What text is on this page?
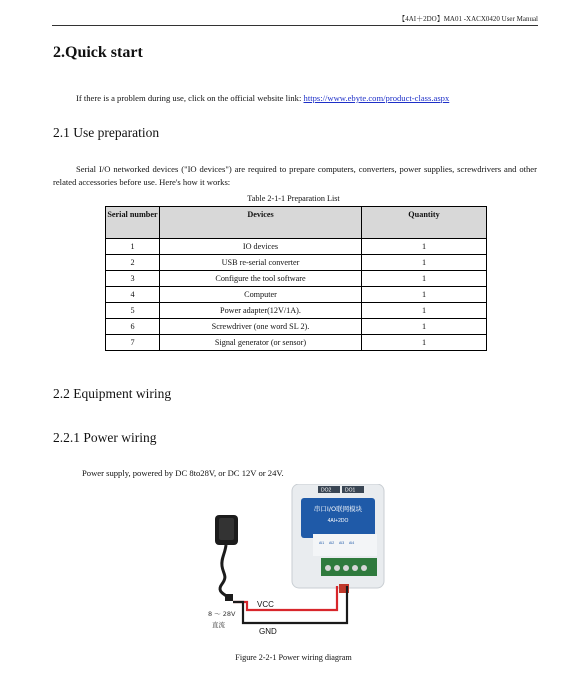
【4AI＋2DO】MA01 -XACX0420 User Manual
2.Quick start
If there is a problem during use, click on the official website link: https://www.ebyte.com/product-class.aspx
2.1 Use preparation
Serial I/O networked devices ("IO devices") are required to prepare computers, converters, power supplies, screwdrivers and other related accessories before use. Here's how it works:
Table 2-1-1 Preparation List
Serial number	Devices	Quantity
1	IO devices	1
2	USB re-serial converter	1
3	Configure the tool software	1
4	Computer	1
5	Power adapter(12V/1A).	1
6	Screwdriver (one word SL 2).	1
7	Signal generator (or sensor)	1
2.2 Equipment wiring
2.2.1 Power wiring
Power supply, powered by DC 8to28V, or DC 12V or 24V.
DO2	DO1
串口I/O联网模块
4AI+2DO
AI1 AI2 AI3 AI4
VCC
GND
8 ～ 28V
直流
Figure 2-2-1 Power wiring diagram
